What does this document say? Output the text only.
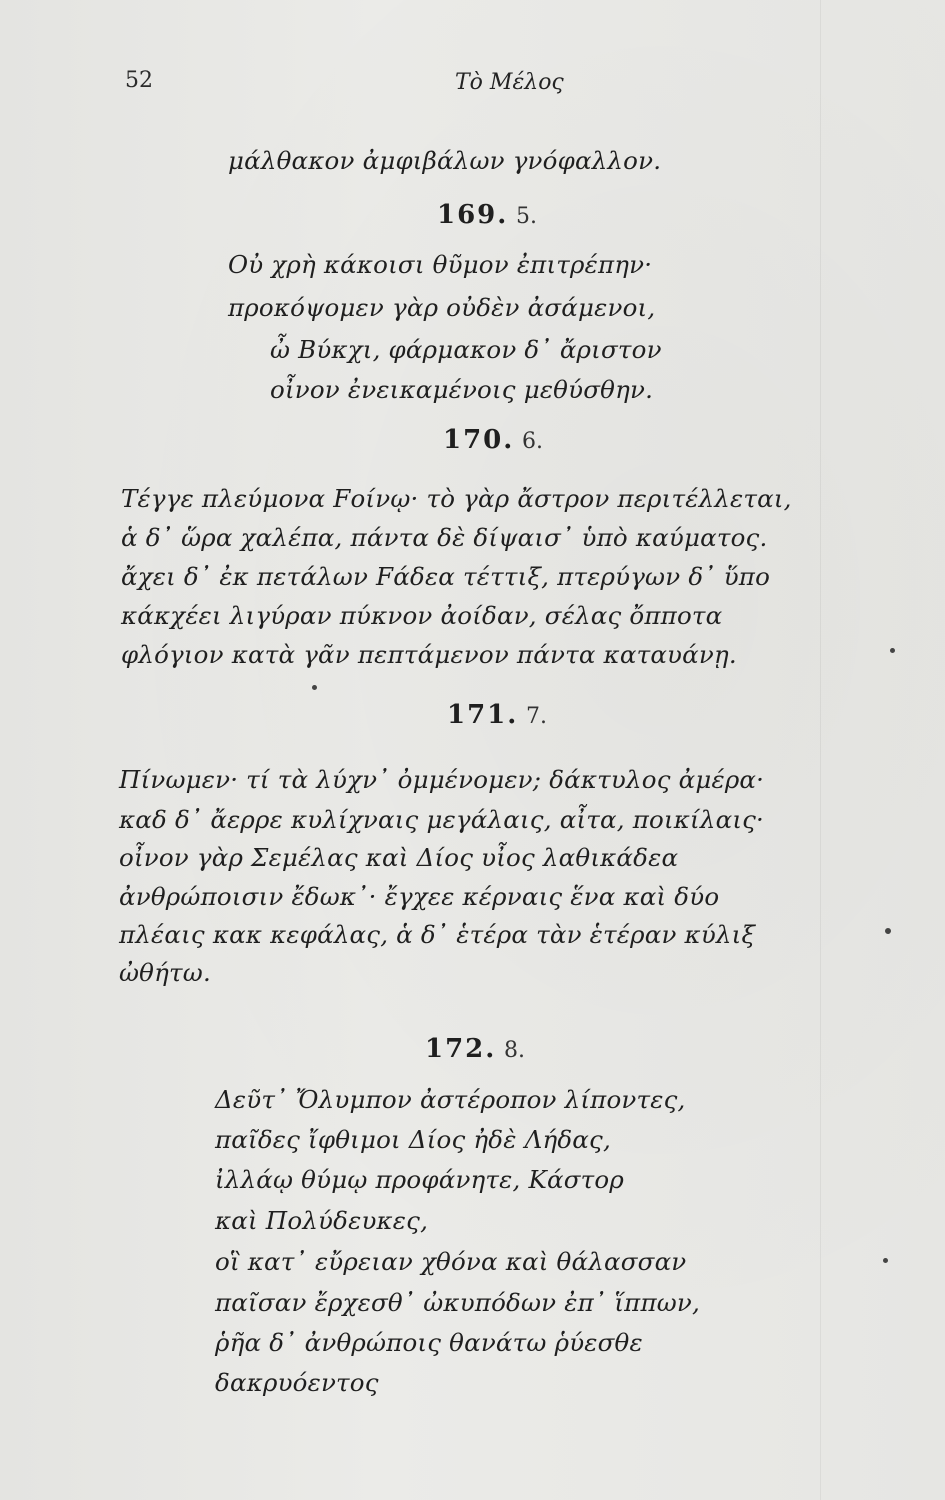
52	Τὸ Μέλος
μάλθακον ἀμφιβάλων γνόφαλλον.
169. 5.
Οὐ χρὴ κάκοισι θῦμον ἐπιτρέπην·
προκόψομεν γὰρ οὐδὲν ἀσάμενοι,
ὦ Βύκχι, φάρμακον δ᾽ ἄριστον
οἶνον ἐνεικαμένοις μεθύσθην.
170. 6.
Τέγγε πλεύμονα Fοίνῳ· τὸ γὰρ ἄστρον περιτέλλεται,
ἁ δ᾽ ὥρα χαλέπα, πάντα δὲ δίψαισ᾽ ὑπὸ καύματος.
ἄχει δ᾽ ἐκ πετάλων Fάδεα τέττιξ, πτερύγων δ᾽ ὕπο
κάκχέει λιγύραν πύκνον ἀοίδαν, σέλας ὄπποτα
φλόγιον κατὰ γᾶν πεπτάμενον πάντα καταυάνῃ.
171. 7.
Πίνωμεν· τί τὰ λύχν᾽ ὀμμένομεν; δάκτυλος ἀμέρα·
καδ δ᾽ ἄερρε κυλίχναις μεγάλαις, αἶτα, ποικίλαις·
οἶνον γὰρ Σεμέλας καὶ Δίος υἶος λαθικάδεα
ἀνθρώποισιν ἔδωκ᾽· ἔγχεε κέρναις ἕνα καὶ δύο
πλέαις κακ κεφάλας, ἁ δ᾽ ἑτέρα τὰν ἑτέραν κύλιξ
ὠθήτω.
172. 8.
Δεῦτ᾽ Ὄλυμπον ἀστέροπον λίποντες,
παῖδες ἴφθιμοι Δίος ἠδὲ Λήδας,
ἰλλάῳ θύμῳ προφάνητε, Κάστορ
καὶ Πολύδευκες,
οἳ κατ᾽ εὔρειαν χθόνα καὶ θάλασσαν
παῖσαν ἔρχεσθ᾽ ὠκυπόδων ἐπ᾽ ἵππων,
ῥῆα δ᾽ ἀνθρώποις θανάτω ῥύεσθε
δακρυόεντος
